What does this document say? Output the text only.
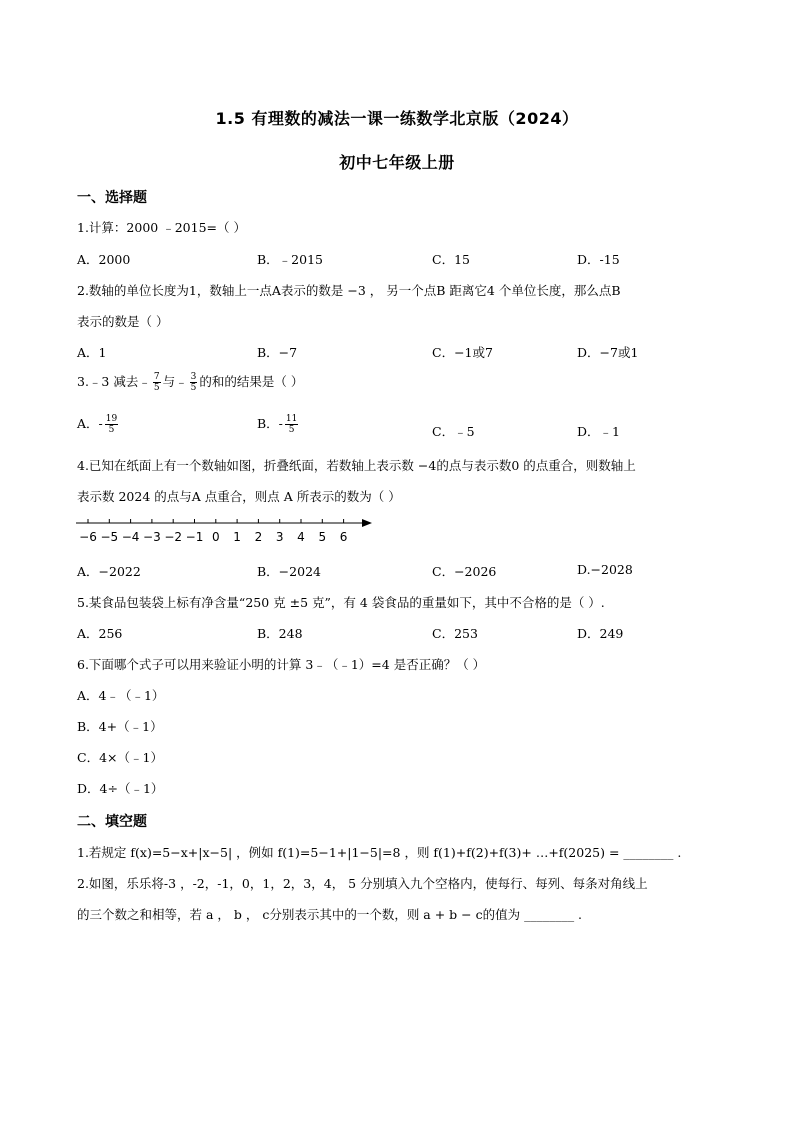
1.5 有理数的减法一课一练数学北京版（2024）
初中七年级上册
一、选择题
1.计算：2000 ﹣2015=（ ）
A．2000	B．﹣2015	C．15	D．-15
2.数轴的单位长度为1，数轴上一点A表示的数是 −3 ， 另一个点B 距离它4 个单位长度，那么点B
表示的数是（ ）
A．1	B．−7	C．−1或7	D．−7或1
3.﹣3 减去﹣ $\frac{7}{5}$ 与﹣ $\frac{3}{5}$ 的和的结果是（ ）
A．- $\frac{19}{5}$	B．- $\frac{11}{5}$	C．﹣5	D．﹣1
4.已知在纸面上有一个数轴如图，折叠纸面，若数轴上表示数 −4的点与表示数0 的点重合，则数轴上
表示数 2024 的点与A 点重合，则点 A 所表示的数为（ ）
−6 −5 −4 −3 −2 −1 0 1 2 3 4 5 6
A．−2022	B．−2024	C．−2026	D.−2028
5.某食品包装袋上标有净含量“250 克 ±5 克”，有 4 袋食品的重量如下，其中不合格的是（ ）.
A．256	B．248	C．253	D．249
6.下面哪个式子可以用来验证小明的计算 3﹣（﹣1）=4 是否正确？（ ）
A．4﹣（﹣1）
B．4+（﹣1）
C．4×（﹣1）
D．4÷（﹣1）
二、填空题
1.若规定 f(x)=5−x+|x−5| ，例如 f(1)=5−1+|1−5|=8 ，则 f(1)+f(2)+f(3)+ …+f(2025) = ________ .
2.如图，乐乐将-3 ，-2，-1，0，1，2，3，4， 5 分别填入九个空格内，使每行、每列、每条对角线上
的三个数之和相等，若 a ， b ， c分别表示其中的一个数，则 a + b − c的值为 ________ .
